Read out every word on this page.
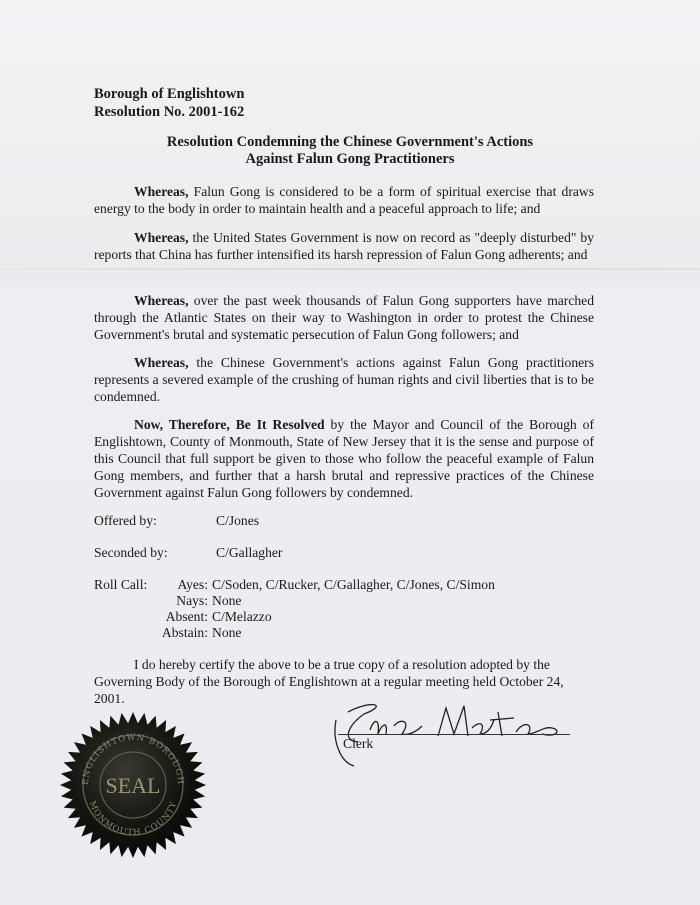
Borough of Englishtown
Resolution No. 2001-162
Resolution Condemning the Chinese Government's Actions
Against Falun Gong Practitioners
Whereas, Falun Gong is considered to be a form of spiritual exercise that draws energy to the body in order to maintain health and a peaceful approach to life; and
Whereas, the United States Government is now on record as "deeply disturbed" by reports that China has further intensified its harsh repression of Falun Gong adherents; and
Whereas, over the past week thousands of Falun Gong supporters have marched through the Atlantic States on their way to Washington in order to protest the Chinese Government's brutal and systematic persecution of Falun Gong followers; and
Whereas, the Chinese Government's actions against Falun Gong practitioners represents a severed example of the crushing of human rights and civil liberties that is to be condemned.
Now, Therefore, Be It Resolved by the Mayor and Council of the Borough of Englishtown, County of Monmouth, State of New Jersey that it is the sense and purpose of this Council that full support be given to those who follow the peaceful example of Falun Gong members, and further that a harsh brutal and repressive practices of the Chinese Government against Falun Gong followers by condemned.
Offered by:	C/Jones
Seconded by:	C/Gallagher
Roll Call:	Ayes: C/Soden, C/Rucker, C/Gallagher, C/Jones, C/Simon
Nays: None
Absent: C/Melazzo
Abstain: None
I do hereby certify the above to be a true copy of a resolution adopted by the Governing Body of the Borough of Englishtown at a regular meeting held October 24, 2001.
Clerk
ENGLISHTOWN BOROUGH
MONMOUTH COUNTY
SEAL
